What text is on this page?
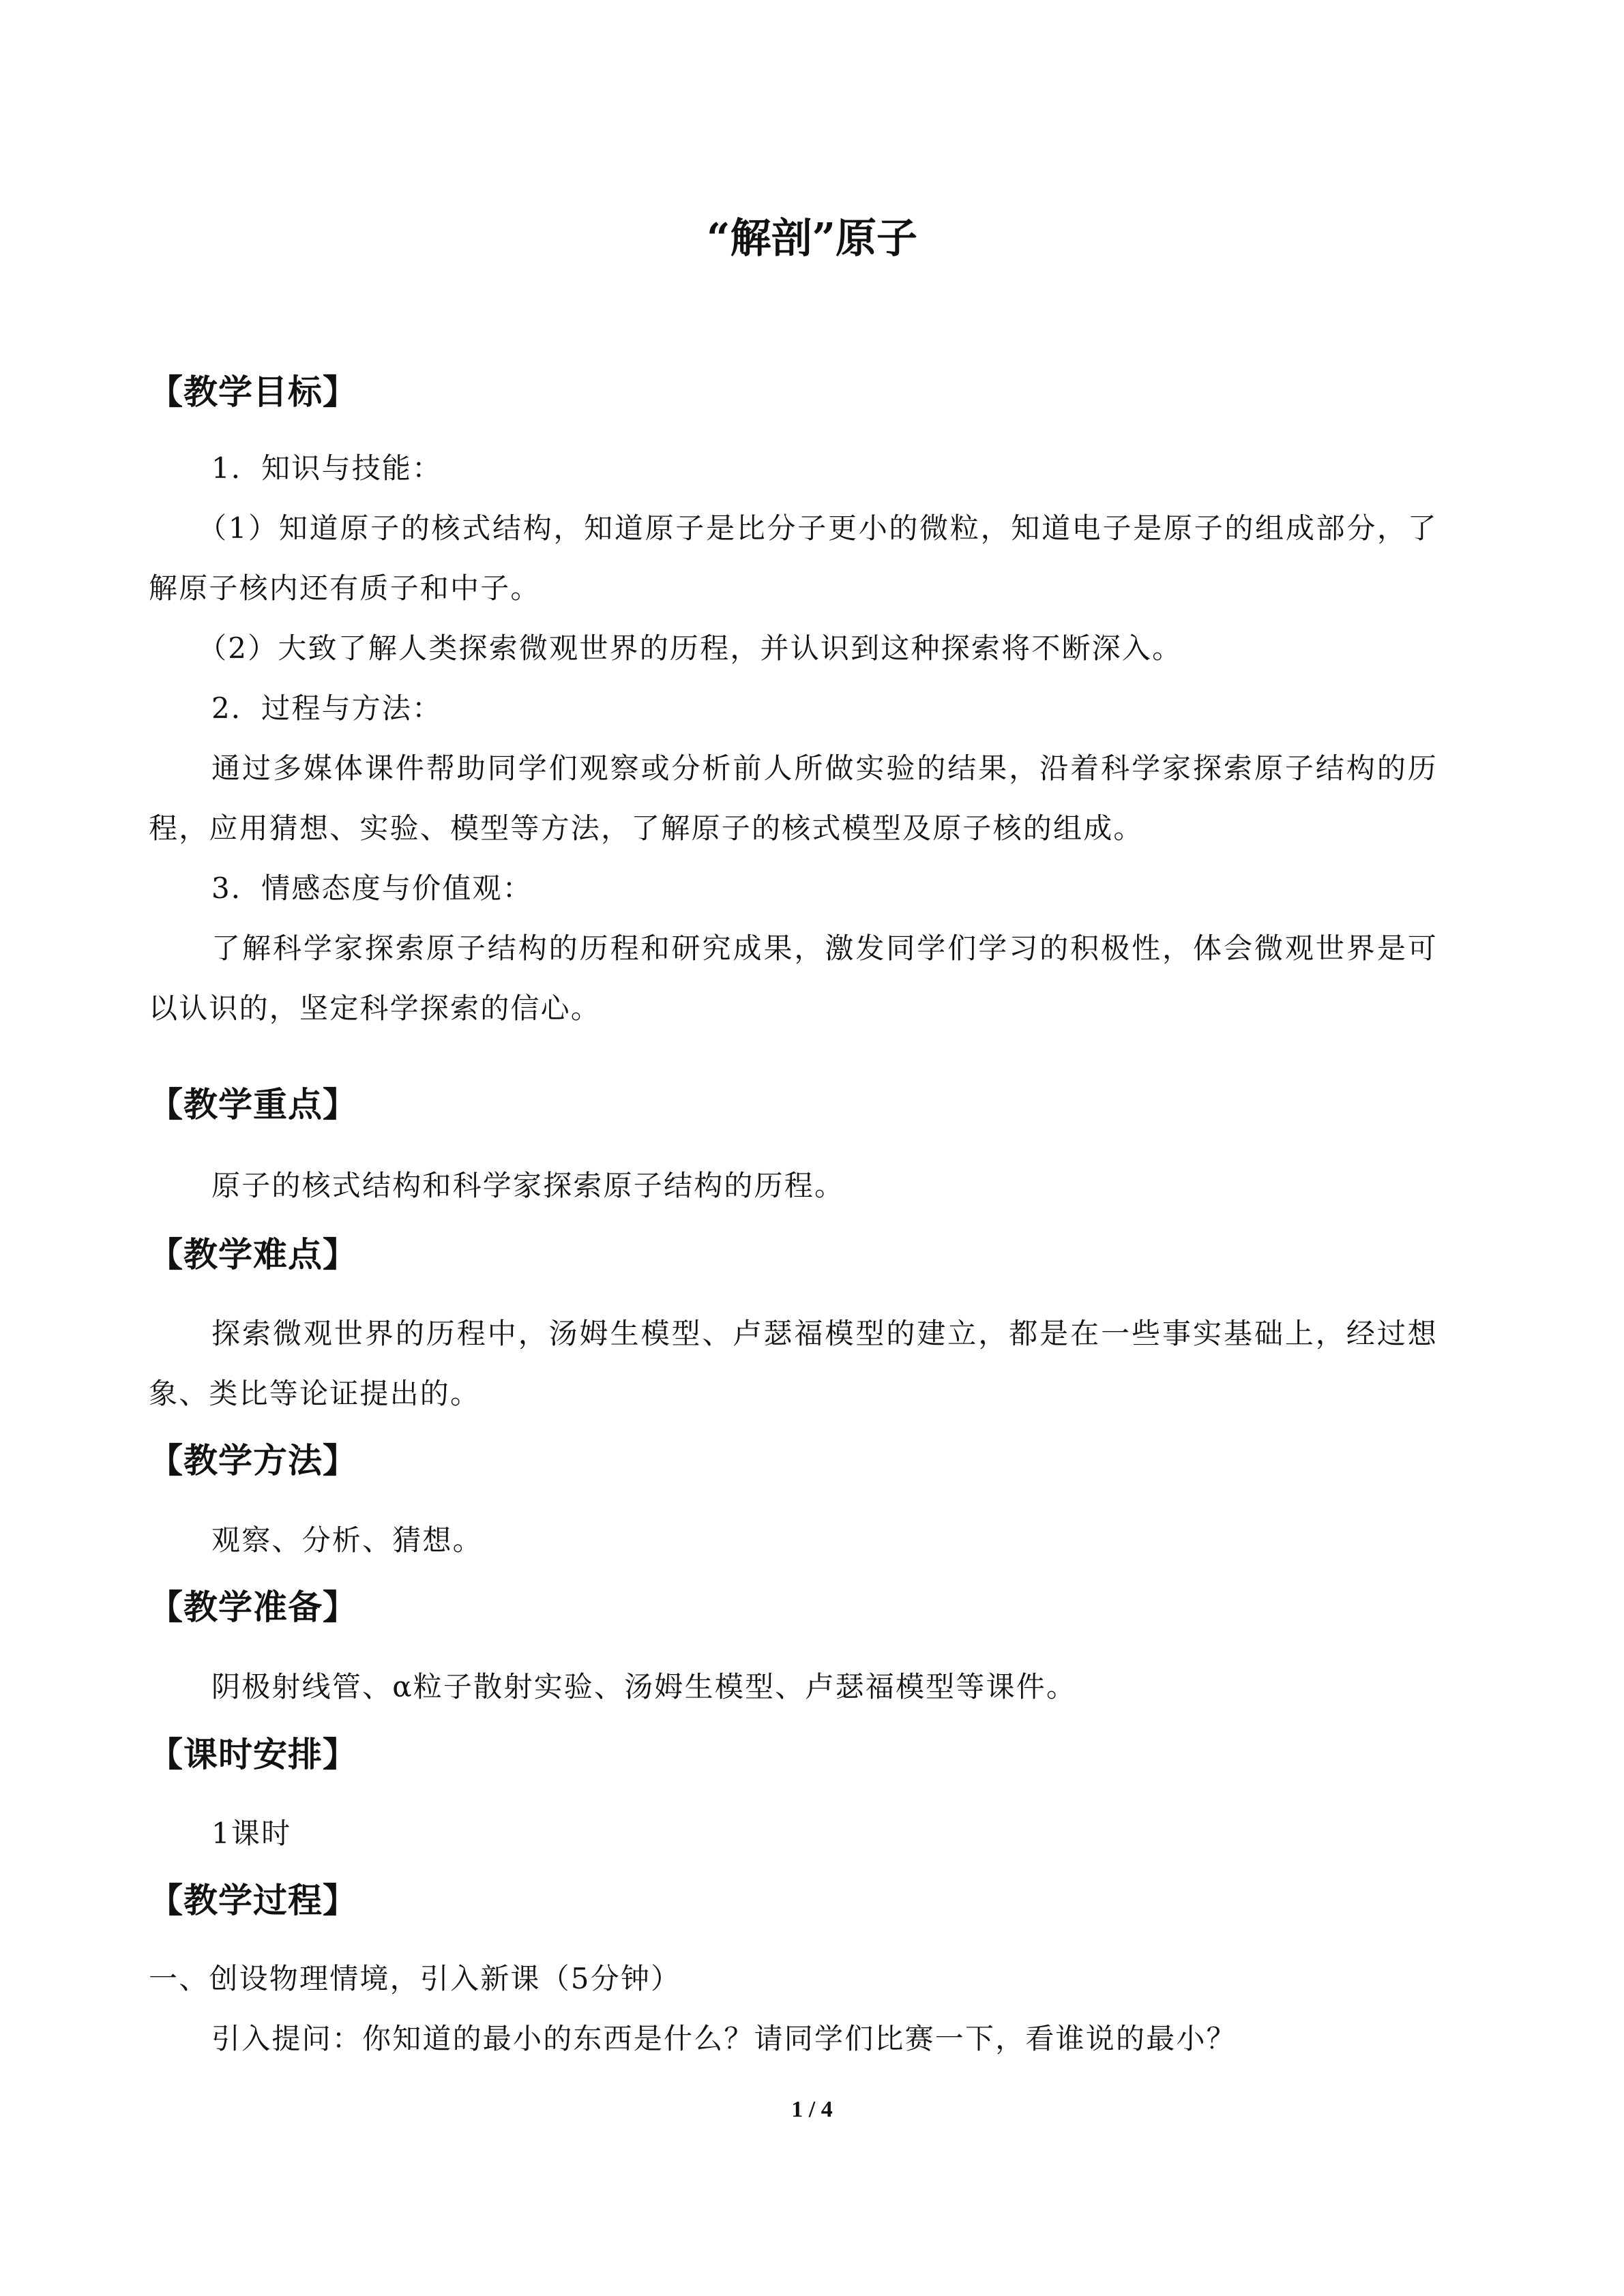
“解剖”原子
【教学目标】

1．知识与技能：

（1）知道原子的核式结构，知道原子是比分子更小的微粒，知道电子是原子的组成部分，了解原子核内还有质子和中子。

（2）大致了解人类探索微观世界的历程，并认识到这种探索将不断深入。

2．过程与方法：

通过多媒体课件帮助同学们观察或分析前人所做实验的结果，沿着科学家探索原子结构的历程，应用猜想、实验、模型等方法，了解原子的核式模型及原子核的组成。

3．情感态度与价值观：

了解科学家探索原子结构的历程和研究成果，激发同学们学习的积极性，体会微观世界是可以认识的，坚定科学探索的信心。

【教学重点】

原子的核式结构和科学家探索原子结构的历程。

【教学难点】

探索微观世界的历程中，汤姆生模型、卢瑟福模型的建立，都是在一些事实基础上，经过想象、类比等论证提出的。

【教学方法】

观察、分析、猜想。

【教学准备】

阴极射线管、α粒子散射实验、汤姆生模型、卢瑟福模型等课件。

【课时安排】

1课时

【教学过程】

一、创设物理情境，引入新课（5分钟）

引入提问：你知道的最小的东西是什么？请同学们比赛一下，看谁说的最小？

1 / 4
